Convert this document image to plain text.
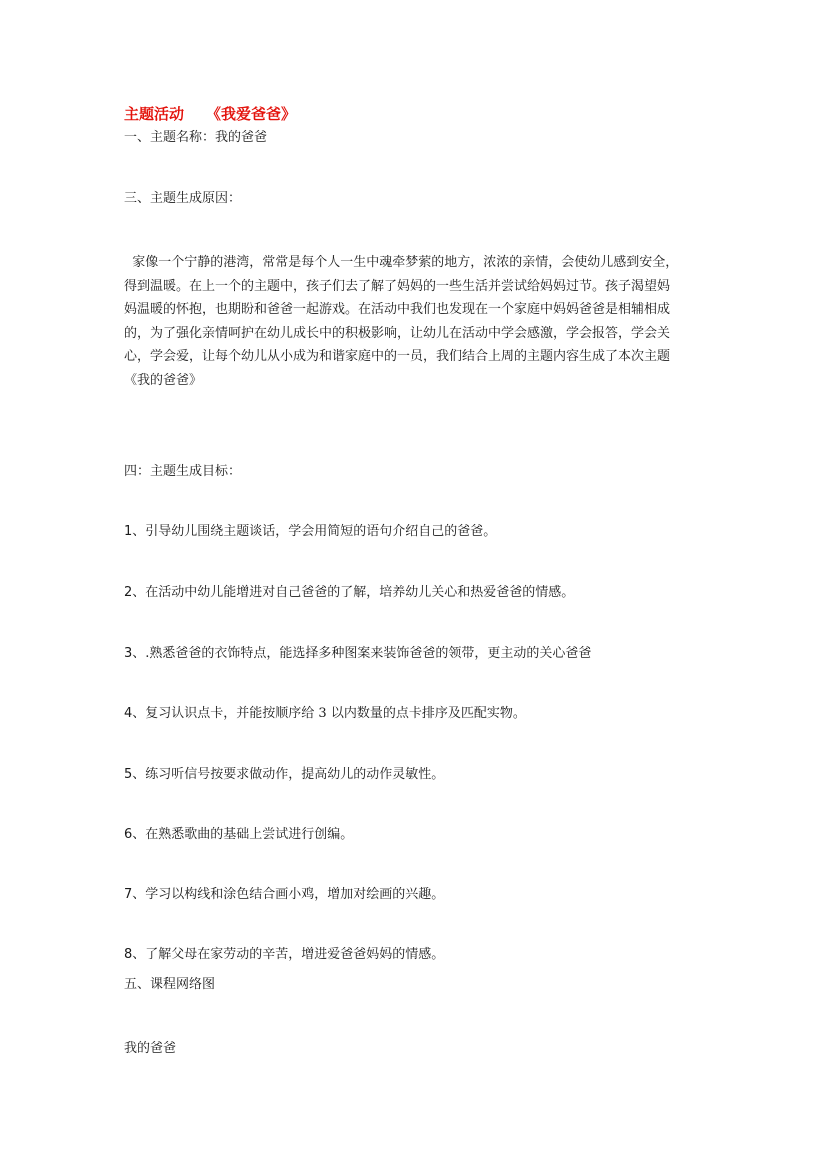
主题活动 《我爱爸爸》
一、主题名称：我的爸爸
三、主题生成原因：
家像一个宁静的港湾，常常是每个人一生中魂牵梦萦的地方，浓浓的亲情，会使幼儿感到安全，
得到温暖。在上一个的主题中，孩子们去了解了妈妈的一些生活并尝试给妈妈过节。孩子渴望妈
妈温暖的怀抱，也期盼和爸爸一起游戏。在活动中我们也发现在一个家庭中妈妈爸爸是相辅相成
的，为了强化亲情呵护在幼儿成长中的积极影响，让幼儿在活动中学会感激，学会报答，学会关
心，学会爱，让每个幼儿从小成为和谐家庭中的一员，我们结合上周的主题内容生成了本次主题
《我的爸爸》
四：主题生成目标：
1、引导幼儿围绕主题谈话，学会用简短的语句介绍自己的爸爸。
2、在活动中幼儿能增进对自己爸爸的了解，培养幼儿关心和热爱爸爸的情感。
3、.熟悉爸爸的衣饰特点，能选择多种图案来装饰爸爸的领带，更主动的关心爸爸
4、复习认识点卡，并能按顺序给 3 以内数量的点卡排序及匹配实物。
5、练习听信号按要求做动作，提高幼儿的动作灵敏性。
6、在熟悉歌曲的基础上尝试进行创编。
7、学习以构线和涂色结合画小鸡，增加对绘画的兴趣。
8、了解父母在家劳动的辛苦，增进爱爸爸妈妈的情感。
五、课程网络图
我的爸爸
